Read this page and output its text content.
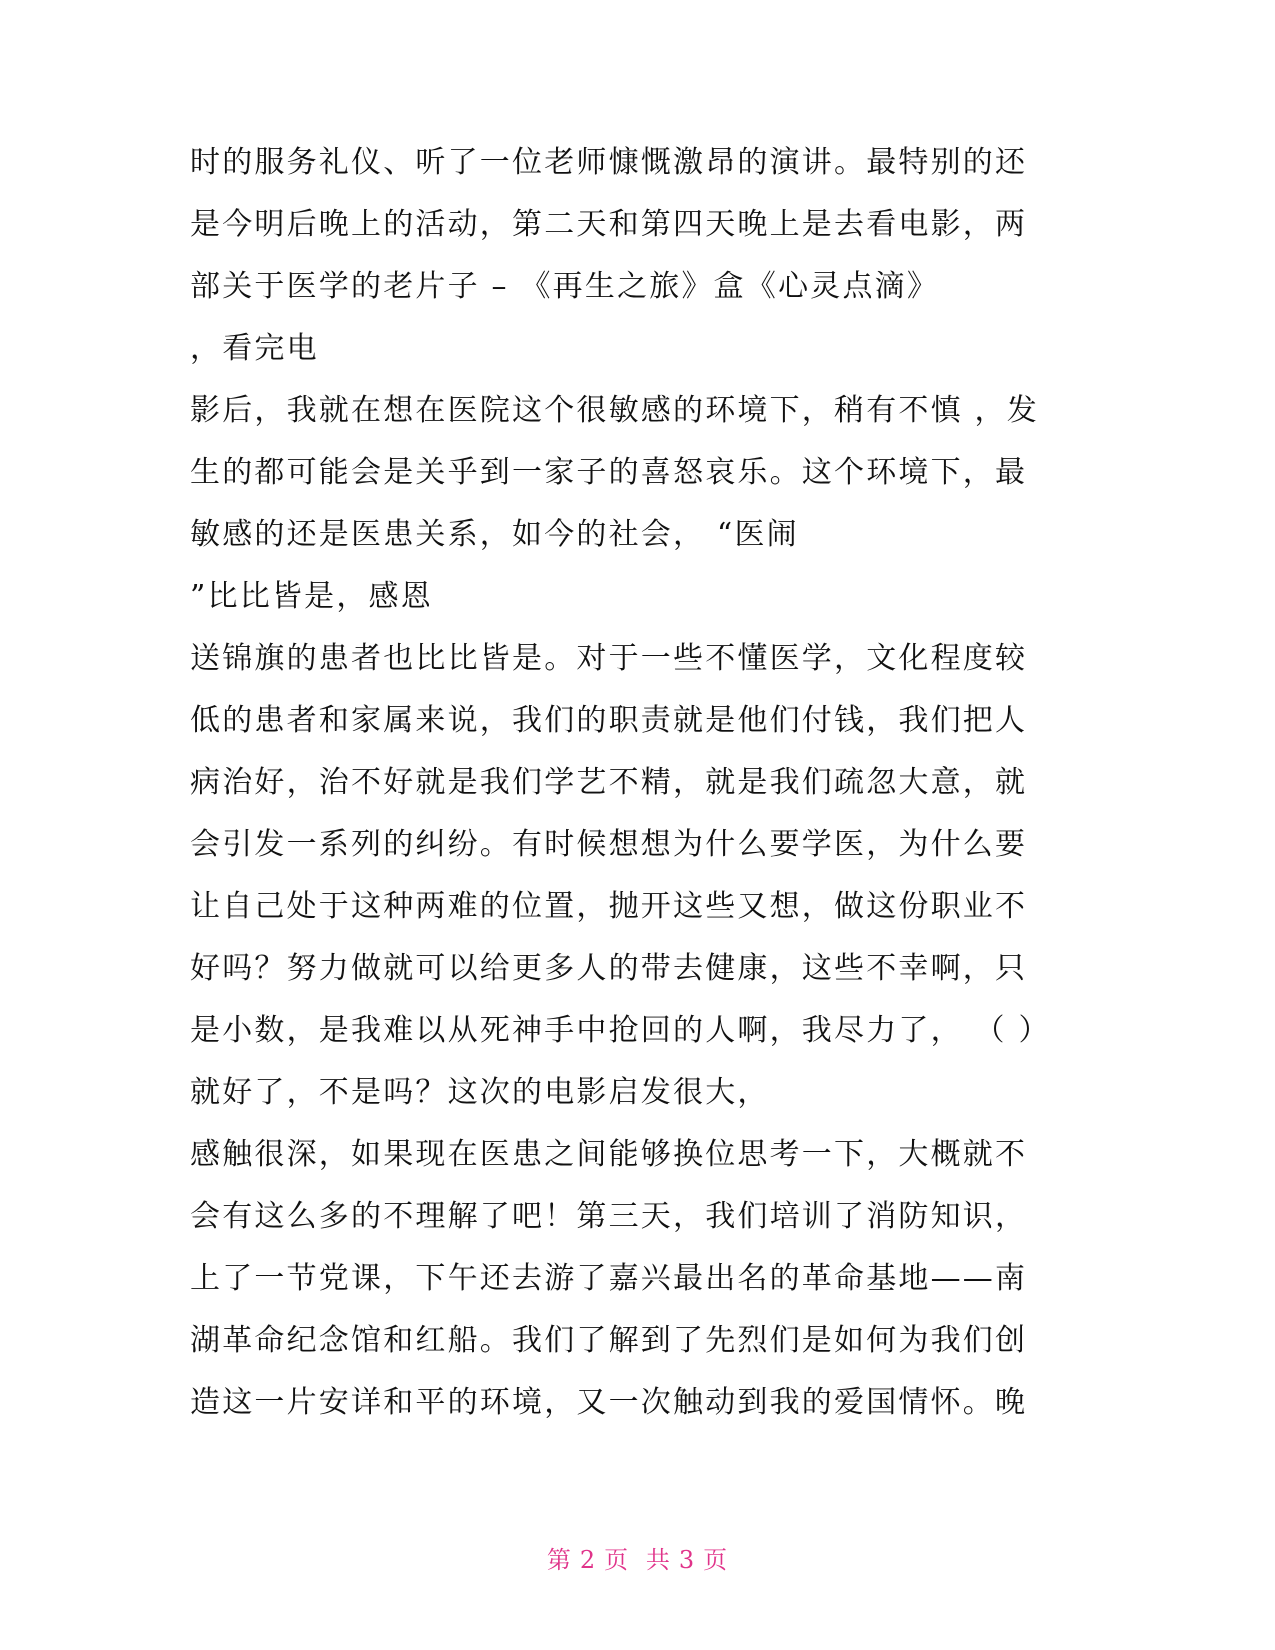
时的服务礼仪、听了一位老师慷慨激昂的演讲。最特别的还
是今明后晚上的活动，第二天和第四天晚上是去看电影，两
部关于医学的老片子 – 《再生之旅》盒《心灵点滴》
，看完电
影后，我就在想在医院这个很敏感的环境下，稍有不慎 ，发
生的都可能会是关乎到一家子的喜怒哀乐。这个环境下，最
敏感的还是医患关系，如今的社会， “医闹
”比比皆是，感恩
送锦旗的患者也比比皆是。对于一些不懂医学，文化程度较
低的患者和家属来说，我们的职责就是他们付钱，我们把人
病治好，治不好就是我们学艺不精，就是我们疏忽大意，就
会引发一系列的纠纷。有时候想想为什么要学医，为什么要
让自己处于这种两难的位置，抛开这些又想，做这份职业不
好吗？努力做就可以给更多人的带去健康，这些不幸啊，只
是小数，是我难以从死神手中抢回的人啊，我尽力了， （ ）
就好了，不是吗？这次的电影启发很大，
感触很深，如果现在医患之间能够换位思考一下，大概就不
会有这么多的不理解了吧！第三天，我们培训了消防知识，
上了一节党课，下午还去游了嘉兴最出名的革命基地——南
湖革命纪念馆和红船。我们了解到了先烈们是如何为我们创
造这一片安详和平的环境，又一次触动到我的爱国情怀。晚
第 2 页 共 3 页
